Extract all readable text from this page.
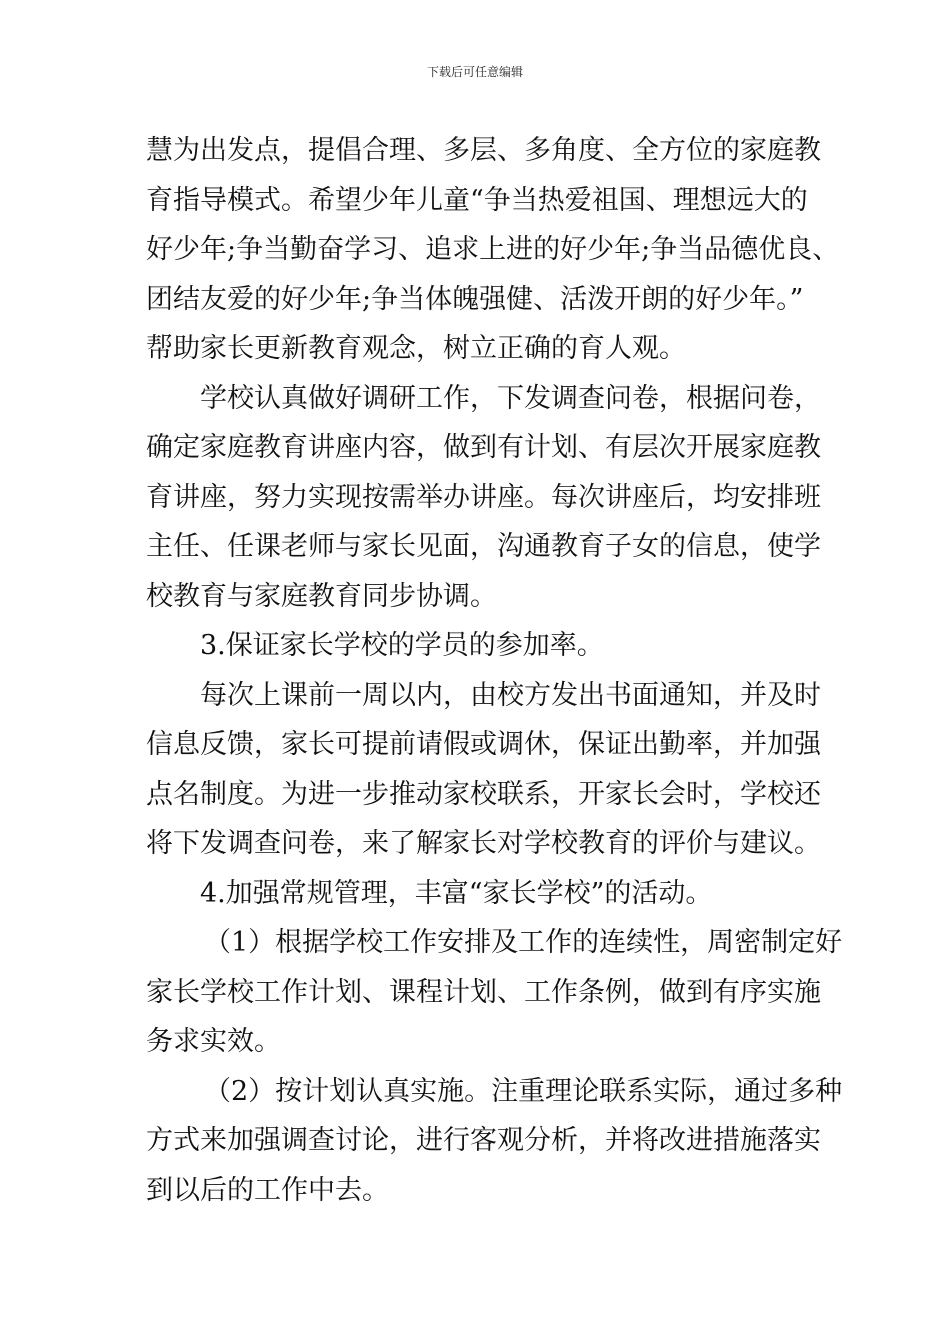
下载后可任意编辑
慧为出发点，提倡合理、多层、多角度、全方位的家庭教
育指导模式。希望少年儿童“争当热爱祖国、理想远大的
好少年;争当勤奋学习、追求上进的好少年;争当品德优良、
团结友爱的好少年;争当体魄强健、活泼开朗的好少年。”
帮助家长更新教育观念，树立正确的育人观。
学校认真做好调研工作，下发调查问卷，根据问卷，
确定家庭教育讲座内容，做到有计划、有层次开展家庭教
育讲座，努力实现按需举办讲座。每次讲座后，均安排班
主任、任课老师与家长见面，沟通教育子女的信息，使学
校教育与家庭教育同步协调。
3.保证家长学校的学员的参加率。
每次上课前一周以内，由校方发出书面通知，并及时
信息反馈，家长可提前请假或调休，保证出勤率，并加强
点名制度。为进一步推动家校联系，开家长会时，学校还
将下发调查问卷，来了解家长对学校教育的评价与建议。
4.加强常规管理，丰富“家长学校”的活动。
（1）根据学校工作安排及工作的连续性，周密制定好
家长学校工作计划、课程计划、工作条例，做到有序实施
务求实效。
（2）按计划认真实施。注重理论联系实际，通过多种
方式来加强调查讨论，进行客观分析，并将改进措施落实
到以后的工作中去。
